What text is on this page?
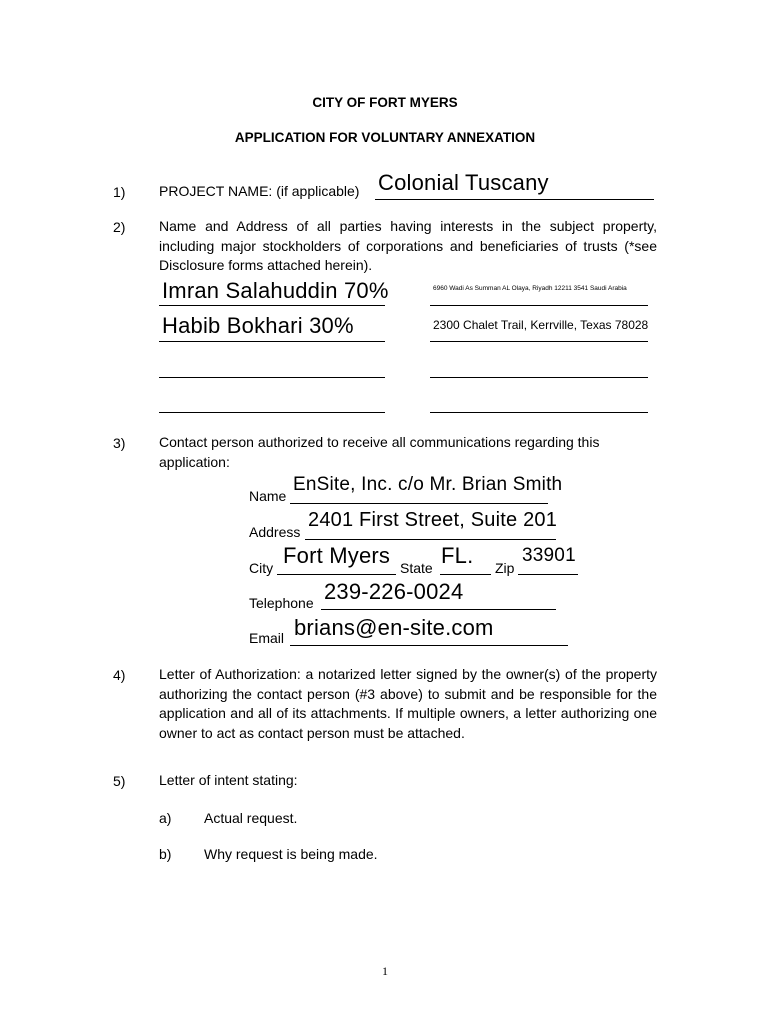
CITY OF FORT MYERS
APPLICATION FOR VOLUNTARY ANNEXATION
1) PROJECT NAME: (if applicable) Colonial Tuscany
2) Name and Address of all parties having interests in the subject property, including major stockholders of corporations and beneficiaries of trusts (*see Disclosure forms attached herein).
Imran Salahuddin 70%	6960 Wadi As Summan AL Olaya, Riyadh 12211 3541 Saudi Arabia
Habib Bokhari 30%	2300 Chalet Trail, Kerrville, Texas 78028
3) Contact person authorized to receive all communications regarding this application:
Name
EnSite, Inc. c/o Mr. Brian Smith
Address
2401 First Street, Suite 201
City Fort Myers State FL. Zip
33901
Telephone 239-226-0024
Email brians@en-site.com
4) Letter of Authorization: a notarized letter signed by the owner(s) of the property authorizing the contact person (#3 above) to submit and be responsible for the application and all of its attachments. If multiple owners, a letter authorizing one owner to act as contact person must be attached.
5) Letter of intent stating:
a) Actual request.
b) Why request is being made.
1
